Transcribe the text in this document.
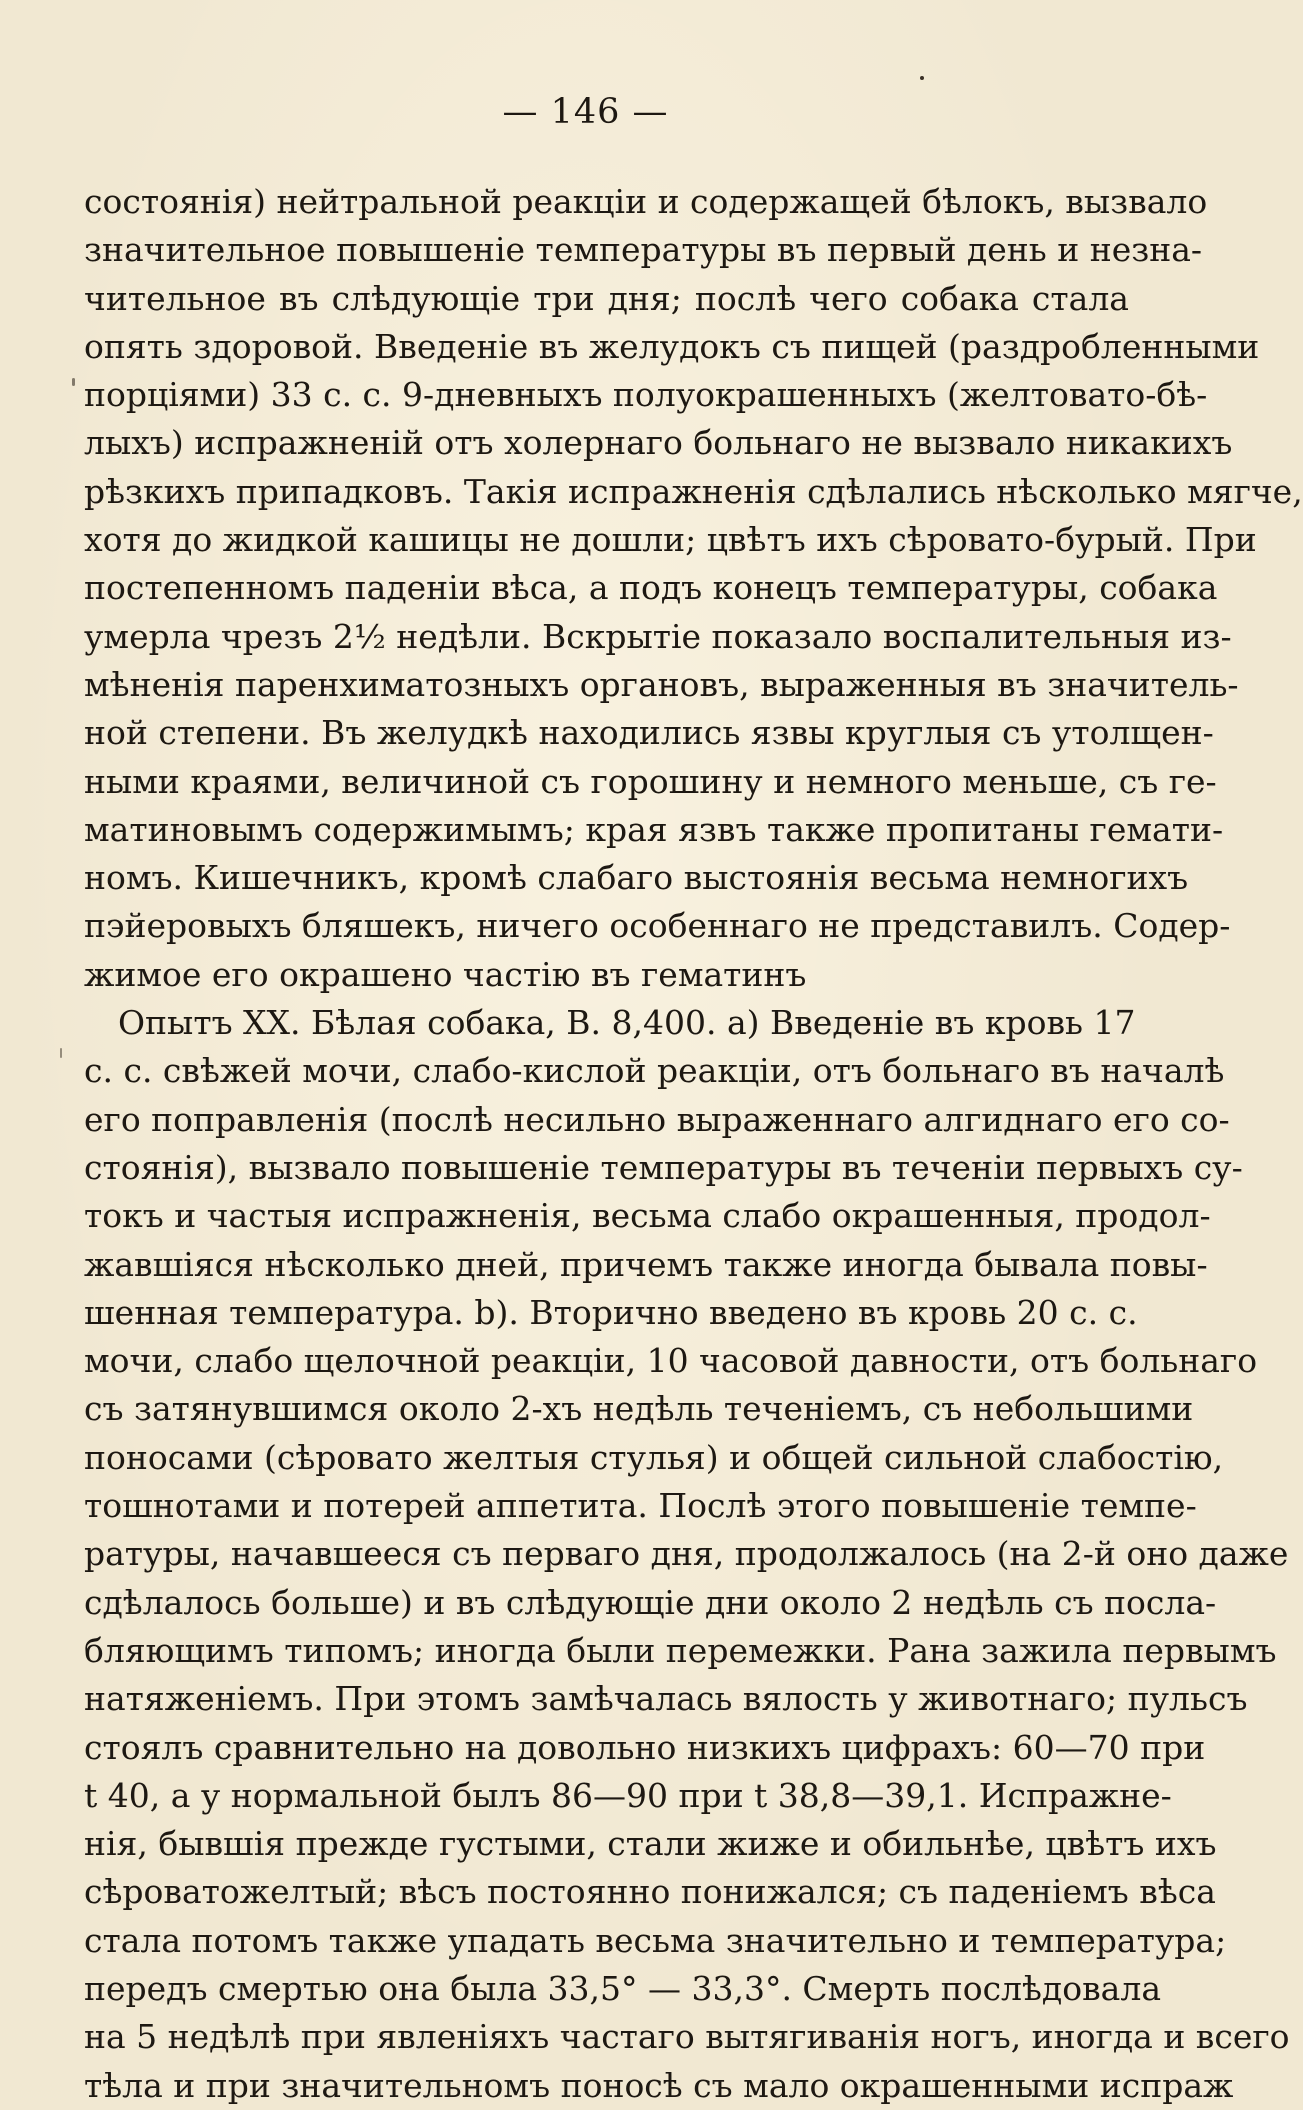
— 146 —
состоянія) нейтральной реакціи и содержащей бѣлокъ, вызвало
значительное повышеніе температуры въ первый день и незна-
чительное въ слѣдующіе три дня; послѣ чего собака стала
опять здоровой. Введеніе въ желудокъ съ пищей (раздробленными
порціями) 33 с. с. 9-дневныхъ полуокрашенныхъ (желтовато-бѣ-
лыхъ) испражненій отъ холернаго больнаго не вызвало никакихъ
рѣзкихъ припадковъ. Такія испражненія сдѣлались нѣсколько мягче,
хотя до жидкой кашицы не дошли; цвѣтъ ихъ сѣровато-бурый. При
постепенномъ паденіи вѣса, а подъ конецъ температуры, собака
умерла чрезъ 2½ недѣли. Вскрытіе показало воспалительныя из-
мѣненія паренхиматозныхъ органовъ, выраженныя въ значитель-
ной степени. Въ желудкѣ находились язвы круглыя съ утолщен-
ными краями, величиной съ горошину и немного меньше, съ ге-
матиновымъ содержимымъ; края язвъ также пропитаны гемати-
номъ. Кишечникъ, кромѣ слабаго выстоянія весьма немногихъ
пэйеровыхъ бляшекъ, ничего особеннаго не представилъ. Содер-
жимое его окрашено частію въ гематинъ
Опытъ XX. Бѣлая собака, В. 8,400. a) Введеніе въ кровь 17
с. с. свѣжей мочи, слабо-кислой реакціи, отъ больнаго въ началѣ
его поправленія (послѣ несильно выраженнаго алгиднаго его со-
стоянія), вызвало повышеніе температуры въ теченіи первыхъ су-
токъ и частыя испражненія, весьма слабо окрашенныя, продол-
жавшіяся нѣсколько дней, причемъ также иногда бывала повы-
шенная температура. b). Вторично введено въ кровь 20 с. с.
мочи, слабо щелочной реакціи, 10 часовой давности, отъ больнаго
съ затянувшимся около 2-хъ недѣль теченіемъ, съ небольшими
поносами (сѣровато желтыя стулья) и общей сильной слабостію,
тошнотами и потерей аппетита. Послѣ этого повышеніе темпе-
ратуры, начавшееся съ перваго дня, продолжалось (на 2-й оно даже
сдѣлалось больше) и въ слѣдующіе дни около 2 недѣль съ посла-
бляющимъ типомъ; иногда были перемежки. Рана зажила первымъ
натяженіемъ. При этомъ замѣчалась вялость у животнаго; пульсъ
стоялъ сравнительно на довольно низкихъ цифрахъ: 60—70 при
t 40, а у нормальной былъ 86—90 при t 38,8—39,1. Испражне-
нія, бывшія прежде густыми, стали жиже и обильнѣе, цвѣтъ ихъ
сѣроватожелтый; вѣсъ постоянно понижался; съ паденіемъ вѣса
стала потомъ также упадать весьма значительно и температура;
передъ смертью она была 33,5° — 33,3°. Смерть послѣдовала
на 5 недѣлѣ при явленіяхъ частаго вытягиванія ногъ, иногда и всего
тѣла и при значительномъ поносѣ съ мало окрашенными испраж
